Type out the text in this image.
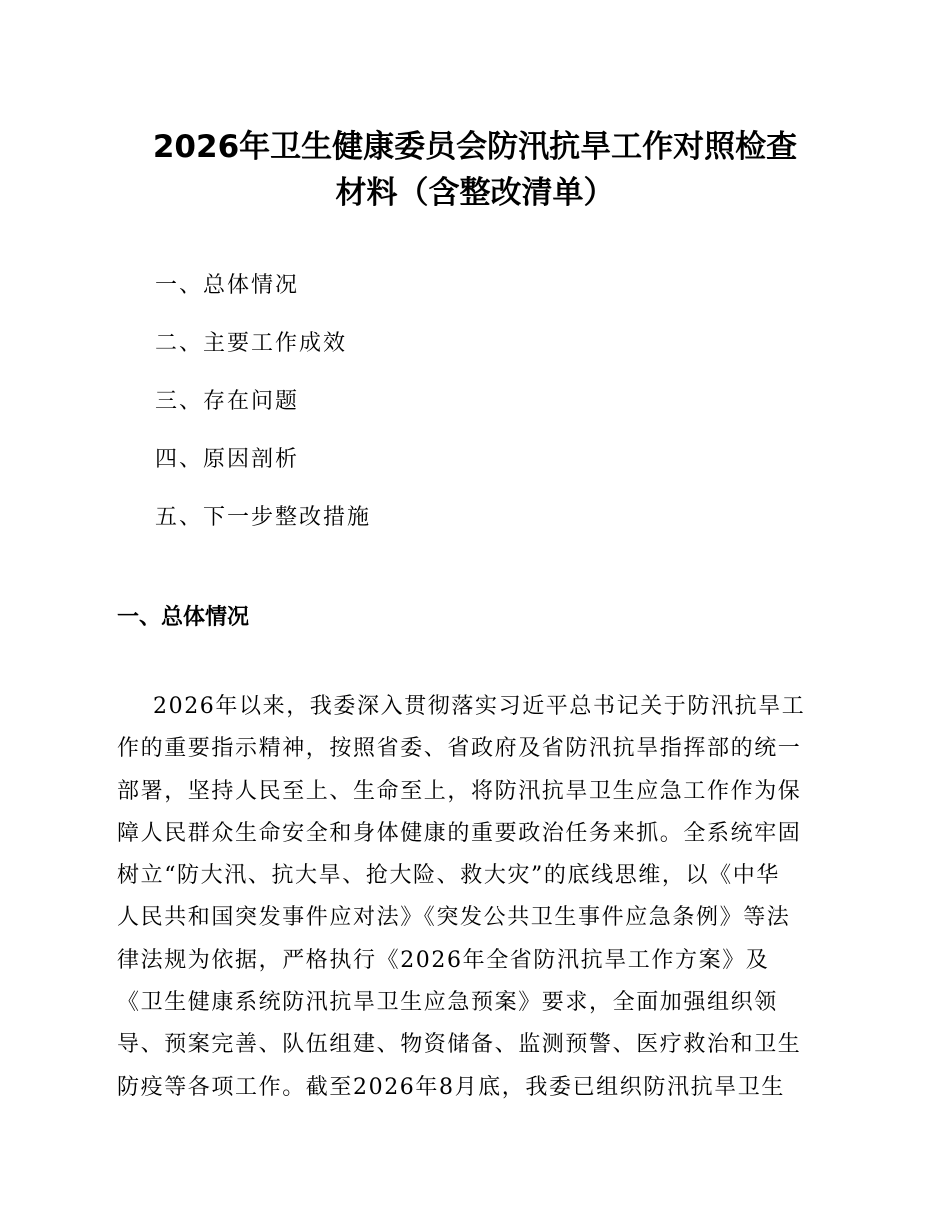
2026年卫生健康委员会防汛抗旱工作对照检查
材料（含整改清单）
一、总体情况
二、主要工作成效
三、存在问题
四、原因剖析
五、下一步整改措施
一、总体情况
2026年以来，我委深入贯彻落实习近平总书记关于防汛抗旱工
作的重要指示精神，按照省委、省政府及省防汛抗旱指挥部的统一
部署，坚持人民至上、生命至上，将防汛抗旱卫生应急工作作为保
障人民群众生命安全和身体健康的重要政治任务来抓。全系统牢固
树立“防大汛、抗大旱、抢大险、救大灾”的底线思维，以《中华
人民共和国突发事件应对法》《突发公共卫生事件应急条例》等法
律法规为依据，严格执行《2026年全省防汛抗旱工作方案》及
《卫生健康系统防汛抗旱卫生应急预案》要求，全面加强组织领
导、预案完善、队伍组建、物资储备、监测预警、医疗救治和卫生
防疫等各项工作。截至2026年8月底，我委已组织防汛抗旱卫生
